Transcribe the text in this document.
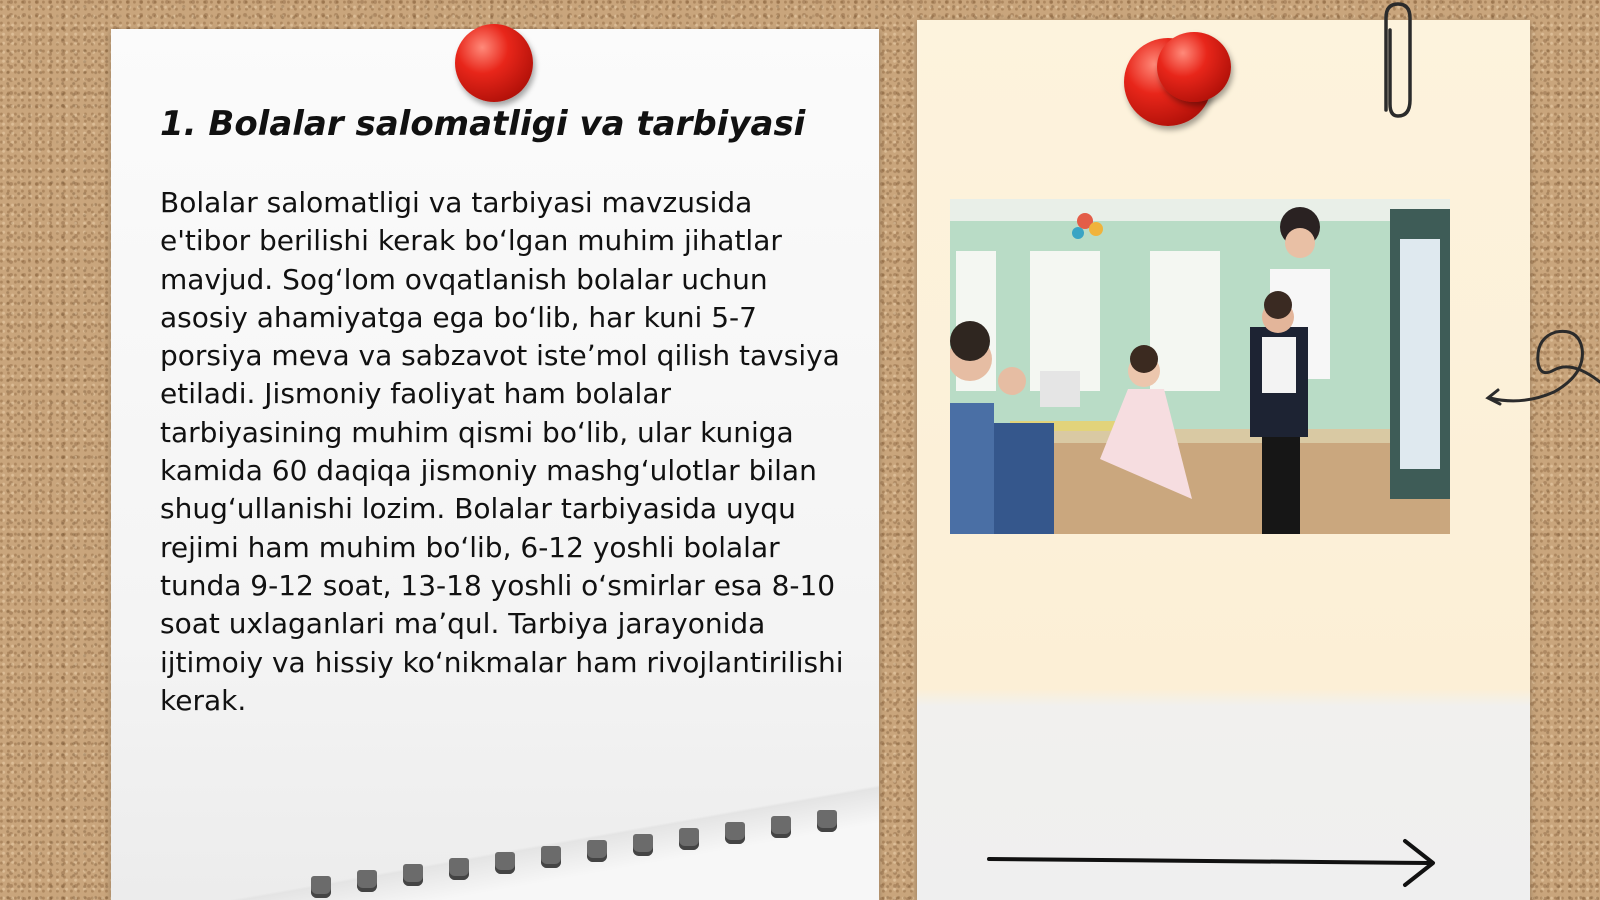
1. Bolalar salomatligi va tarbiyasi

Bolalar salomatligi va tarbiyasi mavzusida e'tibor berilishi kerak boʻlgan muhim jihatlar mavjud. Sogʻlom ovqatlanish bolalar uchun asosiy ahamiyatga ega boʻlib, har kuni 5-7 porsiya meva va sabzavot isteʼmol qilish tavsiya etiladi. Jismoniy faoliyat ham bolalar tarbiyasining muhim qismi boʻlib, ular kuniga kamida 60 daqiqa jismoniy mashgʻulotlar bilan shugʻullanishi lozim. Bolalar tarbiyasida uyqu rejimi ham muhim boʻlib, 6-12 yoshli bolalar tunda 9-12 soat, 13-18 yoshli oʻsmirlar esa 8-10 soat uxlaganlari maʼqul. Tarbiya jarayonida ijtimoiy va hissiy koʻnikmalar ham rivojlantirilishi kerak.
